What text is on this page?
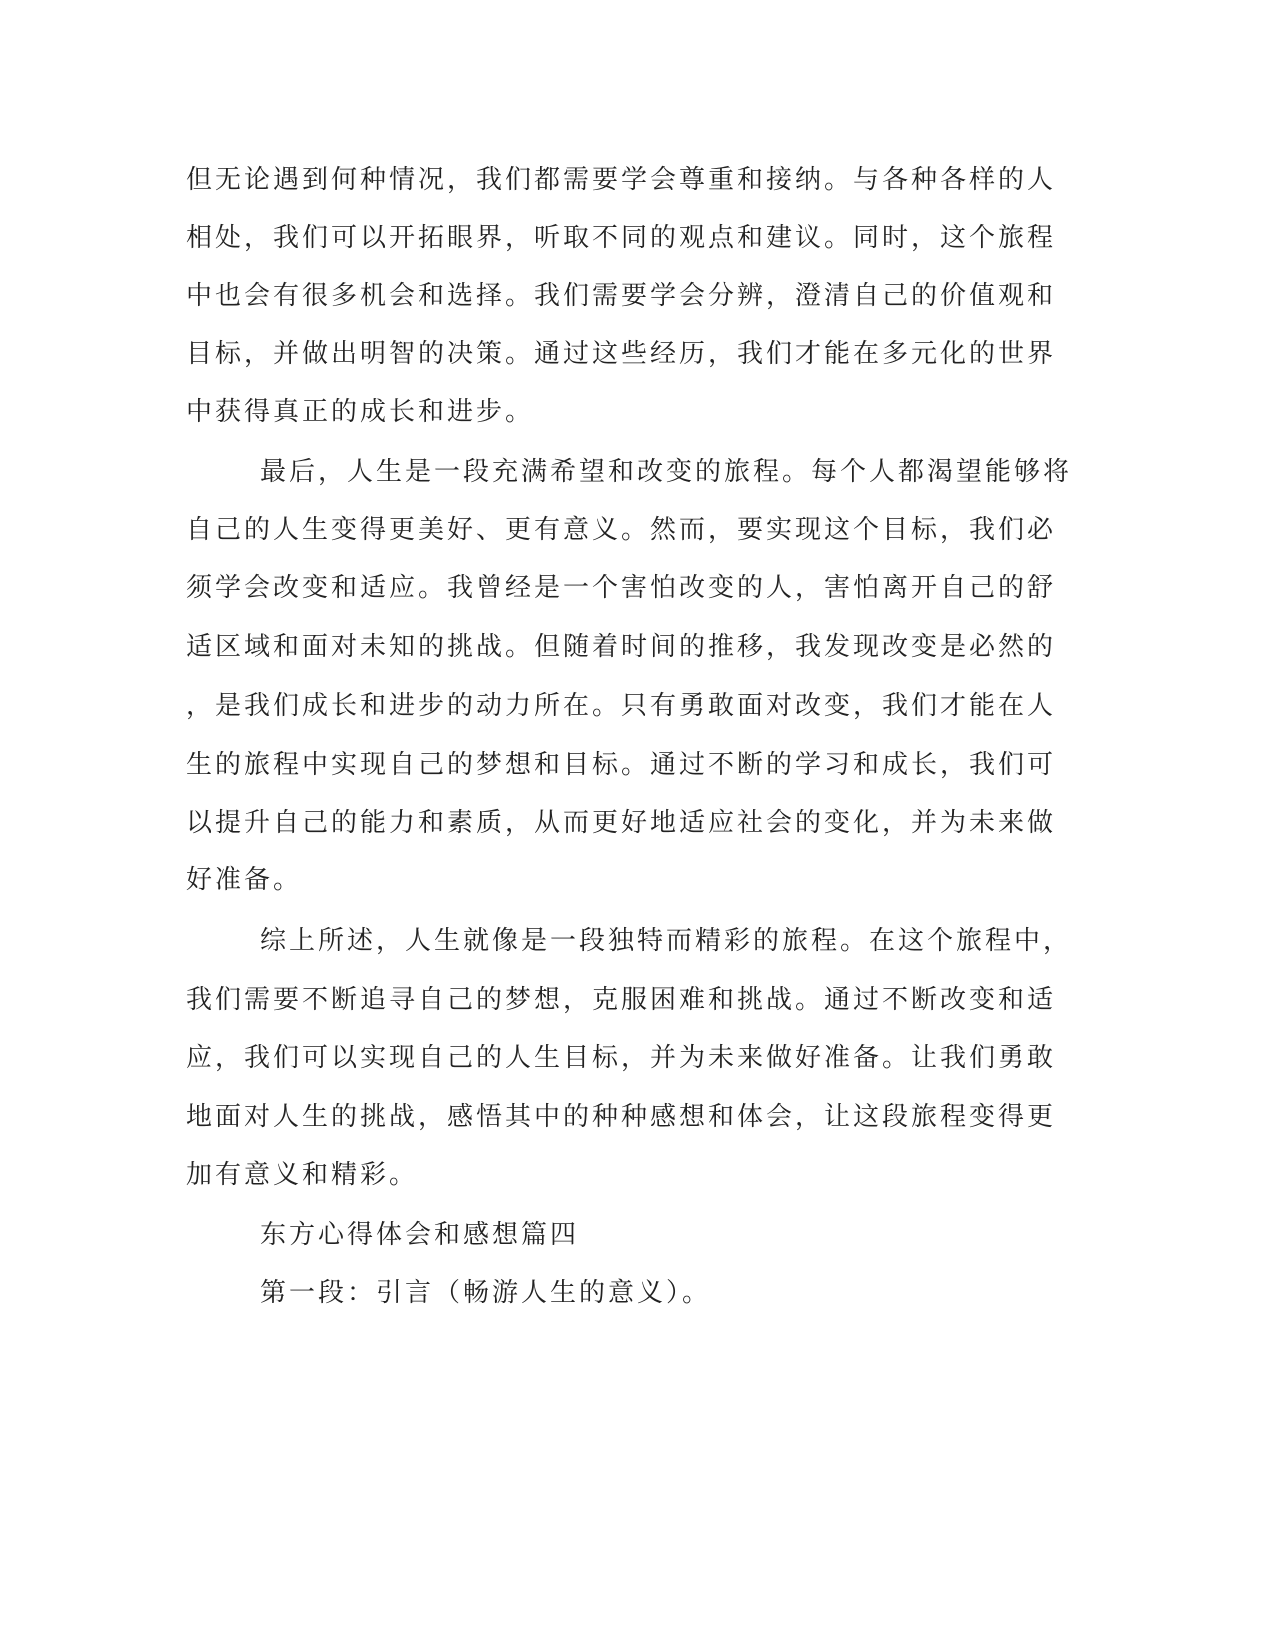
但无论遇到何种情况，我们都需要学会尊重和接纳。与各种各样的人
相处，我们可以开拓眼界，听取不同的观点和建议。同时，这个旅程
中也会有很多机会和选择。我们需要学会分辨，澄清自己的价值观和
目标，并做出明智的决策。通过这些经历，我们才能在多元化的世界
中获得真正的成长和进步。
最后，人生是一段充满希望和改变的旅程。每个人都渴望能够将
自己的人生变得更美好、更有意义。然而，要实现这个目标，我们必
须学会改变和适应。我曾经是一个害怕改变的人，害怕离开自己的舒
适区域和面对未知的挑战。但随着时间的推移，我发现改变是必然的
，是我们成长和进步的动力所在。只有勇敢面对改变，我们才能在人
生的旅程中实现自己的梦想和目标。通过不断的学习和成长，我们可
以提升自己的能力和素质，从而更好地适应社会的变化，并为未来做
好准备。
综上所述，人生就像是一段独特而精彩的旅程。在这个旅程中，
我们需要不断追寻自己的梦想，克服困难和挑战。通过不断改变和适
应，我们可以实现自己的人生目标，并为未来做好准备。让我们勇敢
地面对人生的挑战，感悟其中的种种感想和体会，让这段旅程变得更
加有意义和精彩。
东方心得体会和感想篇四
第一段：引言（畅游人生的意义）。
